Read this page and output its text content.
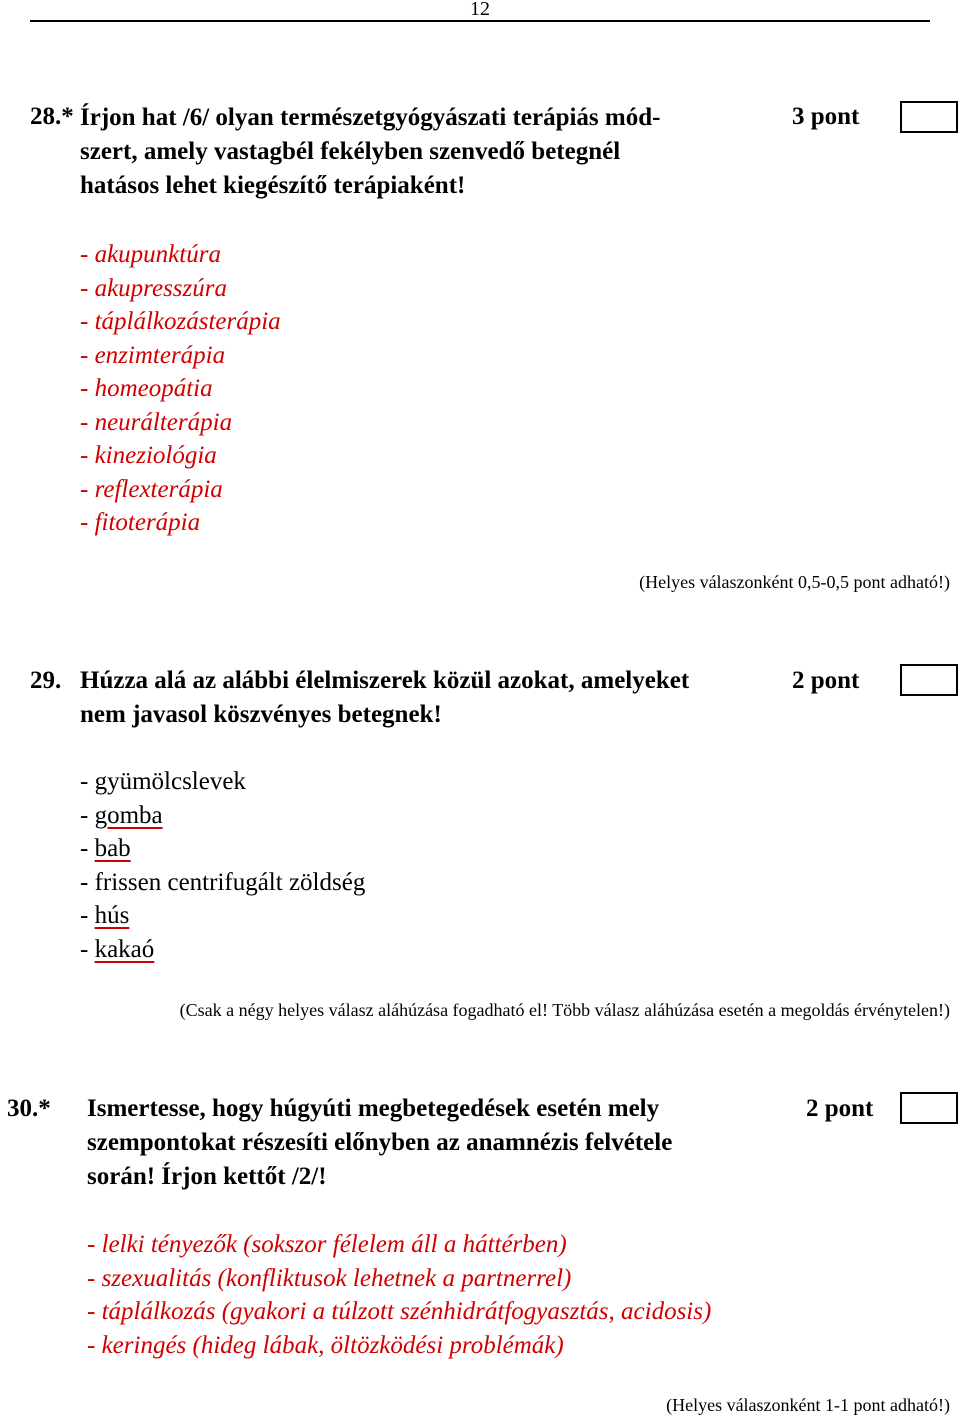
12
28.* Írjon hat /6/ olyan természetgyógyászati terápiás mód-
szert, amely vastagbél fekélyben szenvedő betegnél
hatásos lehet kiegészítő terápiaként!
3 pont
- akupunktúra
- akupresszúra
- táplálkozásterápia
- enzimterápia
- homeopátia
- neurálterápia
- kineziológia
- reflexterápia
- fitoterápia
(Helyes válaszonként 0,5-0,5 pont adható!)
29. Húzza alá az alábbi élelmiszerek közül azokat, amelyeket
nem javasol köszvényes betegnek!
2 pont
- gyümölcslevek
- gomba
- bab
- frissen centrifugált zöldség
- hús
- kakaó
(Csak a négy helyes válasz aláhúzása fogadható el! Több válasz aláhúzása esetén a megoldás érvénytelen!)
30.* Ismertesse, hogy húgyúti megbetegedések esetén mely
szempontokat részesíti előnyben az anamnézis felvétele
során! Írjon kettőt /2/!
2 pont
- lelki tényezők (sokszor félelem áll a háttérben)
- szexualitás (konfliktusok lehetnek a partnerrel)
- táplálkozás (gyakori a túlzott szénhidrátfogyasztás, acidosis)
- keringés (hideg lábak, öltözködési problémák)
(Helyes válaszonként 1-1 pont adható!)
